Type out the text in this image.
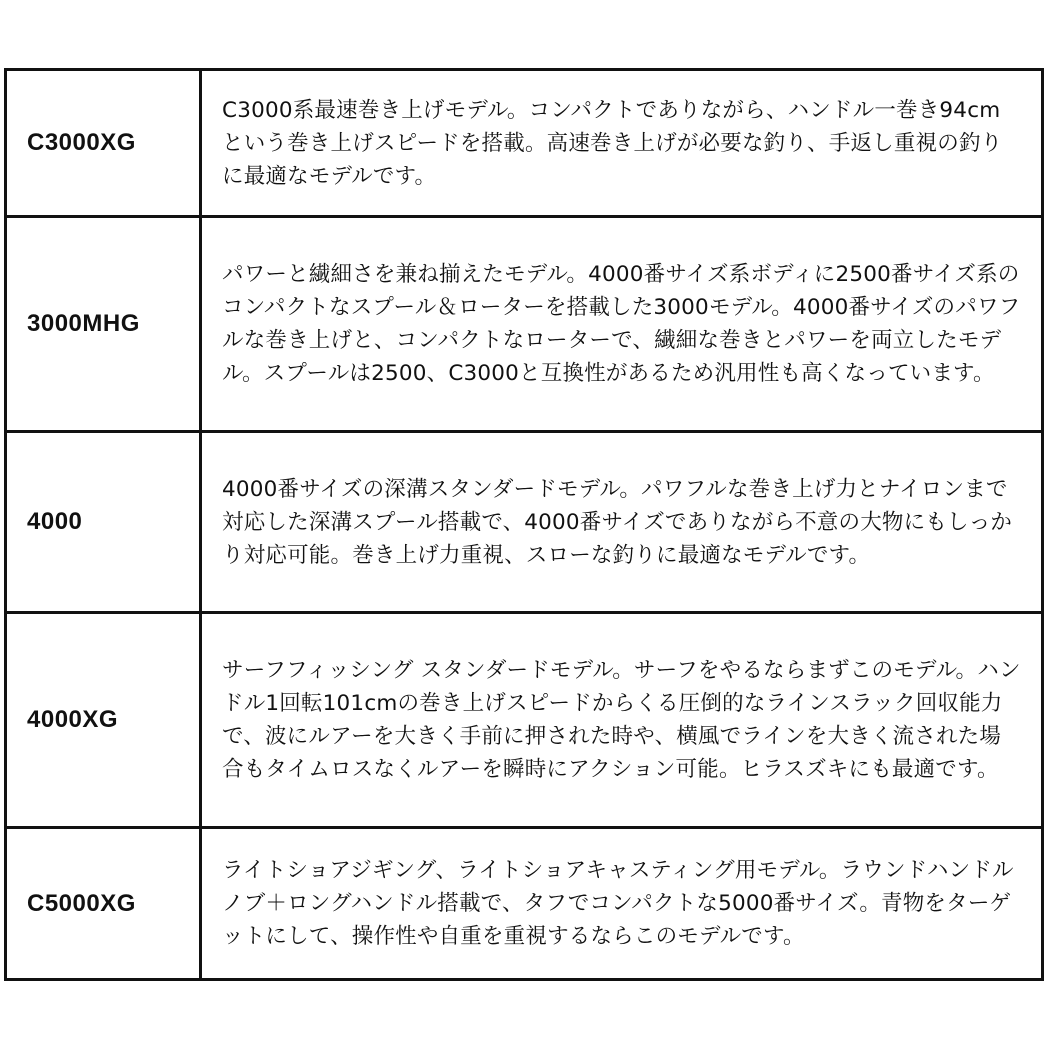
C3000XG	C3000系最速巻き上げモデル。コンパクトでありながら、ハンドル一巻き94cmという巻き上げスピードを搭載。高速巻き上げが必要な釣り、手返し重視の釣りに最適なモデルです。
3000MHG	パワーと繊細さを兼ね揃えたモデル。4000番サイズ系ボディに2500番サイズ系のコンパクトなスプール＆ローターを搭載した3000モデル。4000番サイズのパワフルな巻き上げと、コンパクトなローターで、繊細な巻きとパワーを両立したモデル。スプールは2500、C3000と互換性があるため汎用性も高くなっています。
4000	4000番サイズの深溝スタンダードモデル。パワフルな巻き上げ力とナイロンまで対応した深溝スプール搭載で、4000番サイズでありながら不意の大物にもしっかり対応可能。巻き上げ力重視、スローな釣りに最適なモデルです。
4000XG	サーフフィッシング スタンダードモデル。サーフをやるならまずこのモデル。ハンドル1回転101cmの巻き上げスピードからくる圧倒的なラインスラック回収能力で、波にルアーを大きく手前に押された時や、横風でラインを大きく流された場合もタイムロスなくルアーを瞬時にアクション可能。ヒラスズキにも最適です。
C5000XG	ライトショアジギング、ライトショアキャスティング用モデル。ラウンドハンドルノブ＋ロングハンドル搭載で、タフでコンパクトな5000番サイズ。青物をターゲットにして、操作性や自重を重視するならこのモデルです。
